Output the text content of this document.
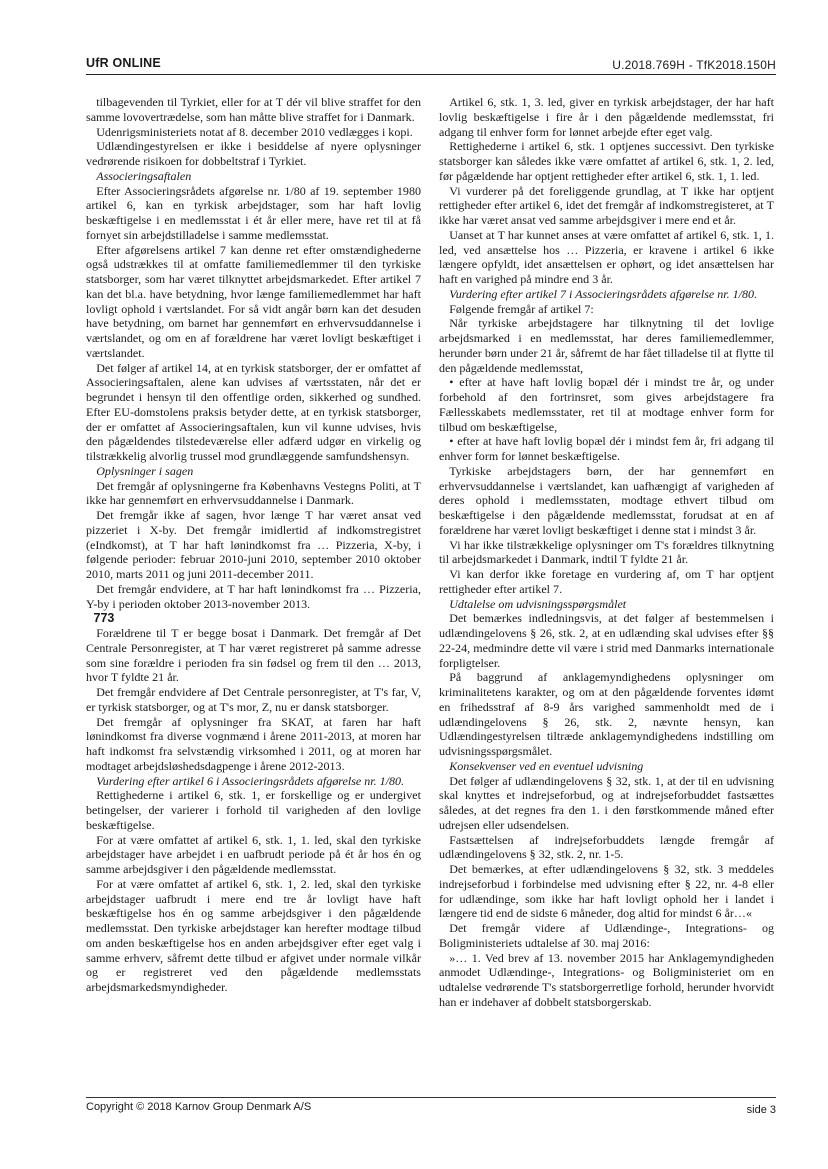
UfR ONLINE	U.2018.769H - TfK2018.150H

tilbagevenden til Tyrkiet, eller for at T dér vil blive straffet for den samme lovovertrædelse, som han måtte blive straffet for i Danmark.

Udenrigsministeriets notat af 8. december 2010 vedlægges i kopi.

Udlændingestyrelsen er ikke i besiddelse af nyere oplysninger vedrørende risikoen for dobbeltstraf i Tyrkiet.

Associeringsaftalen

Efter Associeringsrådets afgørelse nr. 1/80 af 19. september 1980 artikel 6, kan en tyrkisk arbejdstager, som har haft lovlig beskæftigelse i en medlemsstat i ét år eller mere, have ret til at få fornyet sin arbejdstilladelse i samme medlemsstat.

Efter afgørelsens artikel 7 kan denne ret efter omstændighederne også udstrækkes til at omfatte familiemedlemmer til den tyrkiske statsborger, som har været tilknyttet arbejdsmarkedet. Efter artikel 7 kan det bl.a. have betydning, hvor længe familiemedlemmet har haft lovligt ophold i værtslandet. For så vidt angår børn kan det desuden have betydning, om barnet har gennemført en erhvervsuddannelse i værtslandet, og om en af forældrene har været lovligt beskæftiget i værtslandet.

Det følger af artikel 14, at en tyrkisk statsborger, der er omfattet af Associeringsaftalen, alene kan udvises af værtsstaten, når det er begrundet i hensyn til den offentlige orden, sikkerhed og sundhed. Efter EU-domstolens praksis betyder dette, at en tyrkisk statsborger, der er omfattet af Associeringsaftalen, kun vil kunne udvises, hvis den pågældendes tilstedeværelse eller adfærd udgør en virkelig og tilstrækkelig alvorlig trussel mod grundlæggende samfundshensyn.

Oplysninger i sagen

Det fremgår af oplysningerne fra Københavns Vestegns Politi, at T ikke har gennemført en erhvervsuddannelse i Danmark.

Det fremgår ikke af sagen, hvor længe T har været ansat ved pizzeriet i X-by. Det fremgår imidlertid af indkomstregistret (eIndkomst), at T har haft lønindkomst fra … Pizzeria, X-by, i følgende perioder: februar 2010-juni 2010, september 2010 oktober 2010, marts 2011 og juni 2011-december 2011.

Det fremgår endvidere, at T har haft lønindkomst fra … Pizzeria, Y-by i perioden oktober 2013-november 2013.

773

Forældrene til T er begge bosat i Danmark. Det fremgår af Det Centrale Personregister, at T har været registreret på samme adresse som sine forældre i perioden fra sin fødsel og frem til den … 2013, hvor T fyldte 21 år.

Det fremgår endvidere af Det Centrale personregister, at T's far, V, er tyrkisk statsborger, og at T's mor, Z, nu er dansk statsborger.

Det fremgår af oplysninger fra SKAT, at faren har haft lønindkomst fra diverse vognmænd i årene 2011-2013, at moren har haft indkomst fra selvstændig virksomhed i 2011, og at moren har modtaget arbejdsløshedsdagpenge i årene 2012-2013.

Vurdering efter artikel 6 i Associeringsrådets afgørelse nr. 1/80.

Rettighederne i artikel 6, stk. 1, er forskellige og er undergivet betingelser, der varierer i forhold til varigheden af den lovlige beskæftigelse.

For at være omfattet af artikel 6, stk. 1, 1. led, skal den tyrkiske arbejdstager have arbejdet i en uafbrudt periode på ét år hos én og samme arbejdsgiver i den pågældende medlemsstat.

For at være omfattet af artikel 6, stk. 1, 2. led, skal den tyrkiske arbejdstager uafbrudt i mere end tre år lovligt have haft beskæftigelse hos én og samme arbejdsgiver i den pågældende medlemsstat. Den tyrkiske arbejdstager kan herefter modtage tilbud om anden beskæftigelse hos en anden arbejdsgiver efter eget valg i samme erhverv, såfremt dette tilbud er afgivet under normale vilkår og er registreret ved den pågældende medlemsstats arbejdsmarkedsmyndigheder.

Artikel 6, stk. 1, 3. led, giver en tyrkisk arbejdstager, der har haft lovlig beskæftigelse i fire år i den pågældende medlemsstat, fri adgang til enhver form for lønnet arbejde efter eget valg.

Rettighederne i artikel 6, stk. 1 optjenes successivt. Den tyrkiske statsborger kan således ikke være omfattet af artikel 6, stk. 1, 2. led, før pågældende har optjent rettigheder efter artikel 6, stk. 1, 1. led.

Vi vurderer på det foreliggende grundlag, at T ikke har optjent rettigheder efter artikel 6, idet det fremgår af indkomstregisteret, at T ikke har været ansat ved samme arbejdsgiver i mere end et år.

Uanset at T har kunnet anses at være omfattet af artikel 6, stk. 1, 1. led, ved ansættelse hos … Pizzeria, er kravene i artikel 6 ikke længere opfyldt, idet ansættelsen er ophørt, og idet ansættelsen har haft en varighed på mindre end 3 år.

Vurdering efter artikel 7 i Associeringsrådets afgørelse nr. 1/80.

Følgende fremgår af artikel 7:

Når tyrkiske arbejdstagere har tilknytning til det lovlige arbejdsmarked i en medlemsstat, har deres familiemedlemmer, herunder børn under 21 år, såfremt de har fået tilladelse til at flytte til den pågældende medlemsstat,

• efter at have haft lovlig bopæl dér i mindst tre år, og under forbehold af den fortrinsret, som gives arbejdstagere fra Fællesskabets medlemsstater, ret til at modtage enhver form for tilbud om beskæftigelse,

• efter at have haft lovlig bopæl dér i mindst fem år, fri adgang til enhver form for lønnet beskæftigelse.

Tyrkiske arbejdstagers børn, der har gennemført en erhvervsuddannelse i værtslandet, kan uafhængigt af varigheden af deres ophold i medlemsstaten, modtage ethvert tilbud om beskæftigelse i den pågældende medlemsstat, forudsat at en af forældrene har været lovligt beskæftiget i denne stat i mindst 3 år.

Vi har ikke tilstrækkelige oplysninger om T's forældres tilknytning til arbejdsmarkedet i Danmark, indtil T fyldte 21 år.

Vi kan derfor ikke foretage en vurdering af, om T har optjent rettigheder efter artikel 7.

Udtalelse om udvisningsspørgsmålet

Det bemærkes indledningsvis, at det følger af bestemmelsen i udlændingelovens § 26, stk. 2, at en udlænding skal udvises efter §§ 22-24, medmindre dette vil være i strid med Danmarks internationale forpligtelser.

På baggrund af anklagemyndighedens oplysninger om kriminalitetens karakter, og om at den pågældende forventes idømt en frihedsstraf af 8-9 års varighed sammenholdt med de i udlændingelovens § 26, stk. 2, nævnte hensyn, kan Udlændingestyrelsen tiltræde anklagemyndighedens indstilling om udvisningsspørgsmålet.

Konsekvenser ved en eventuel udvisning

Det følger af udlændingelovens § 32, stk. 1, at der til en udvisning skal knyttes et indrejseforbud, og at indrejseforbuddet fastsættes således, at det regnes fra den 1. i den førstkommende måned efter udrejsen eller udsendelsen.

Fastsættelsen af indrejseforbuddets længde fremgår af udlændingelovens § 32, stk. 2, nr. 1-5.

Det bemærkes, at efter udlændingelovens § 32, stk. 3 meddeles indrejseforbud i forbindelse med udvisning efter § 22, nr. 4-8 eller for udlændinge, som ikke har haft lovligt ophold her i landet i længere tid end de sidste 6 måneder, dog altid for mindst 6 år…«

Det fremgår videre af Udlændinge-, Integrations- og Boligministeriets udtalelse af 30. maj 2016:

»… 1. Ved brev af 13. november 2015 har Anklagemyndigheden anmodet Udlændinge-, Integrations- og Boligministeriet om en udtalelse vedrørende T's statsborgerretlige forhold, herunder hvorvidt han er indehaver af dobbelt statsborgerskab.

Copyright © 2018 Karnov Group Denmark A/S	side 3
